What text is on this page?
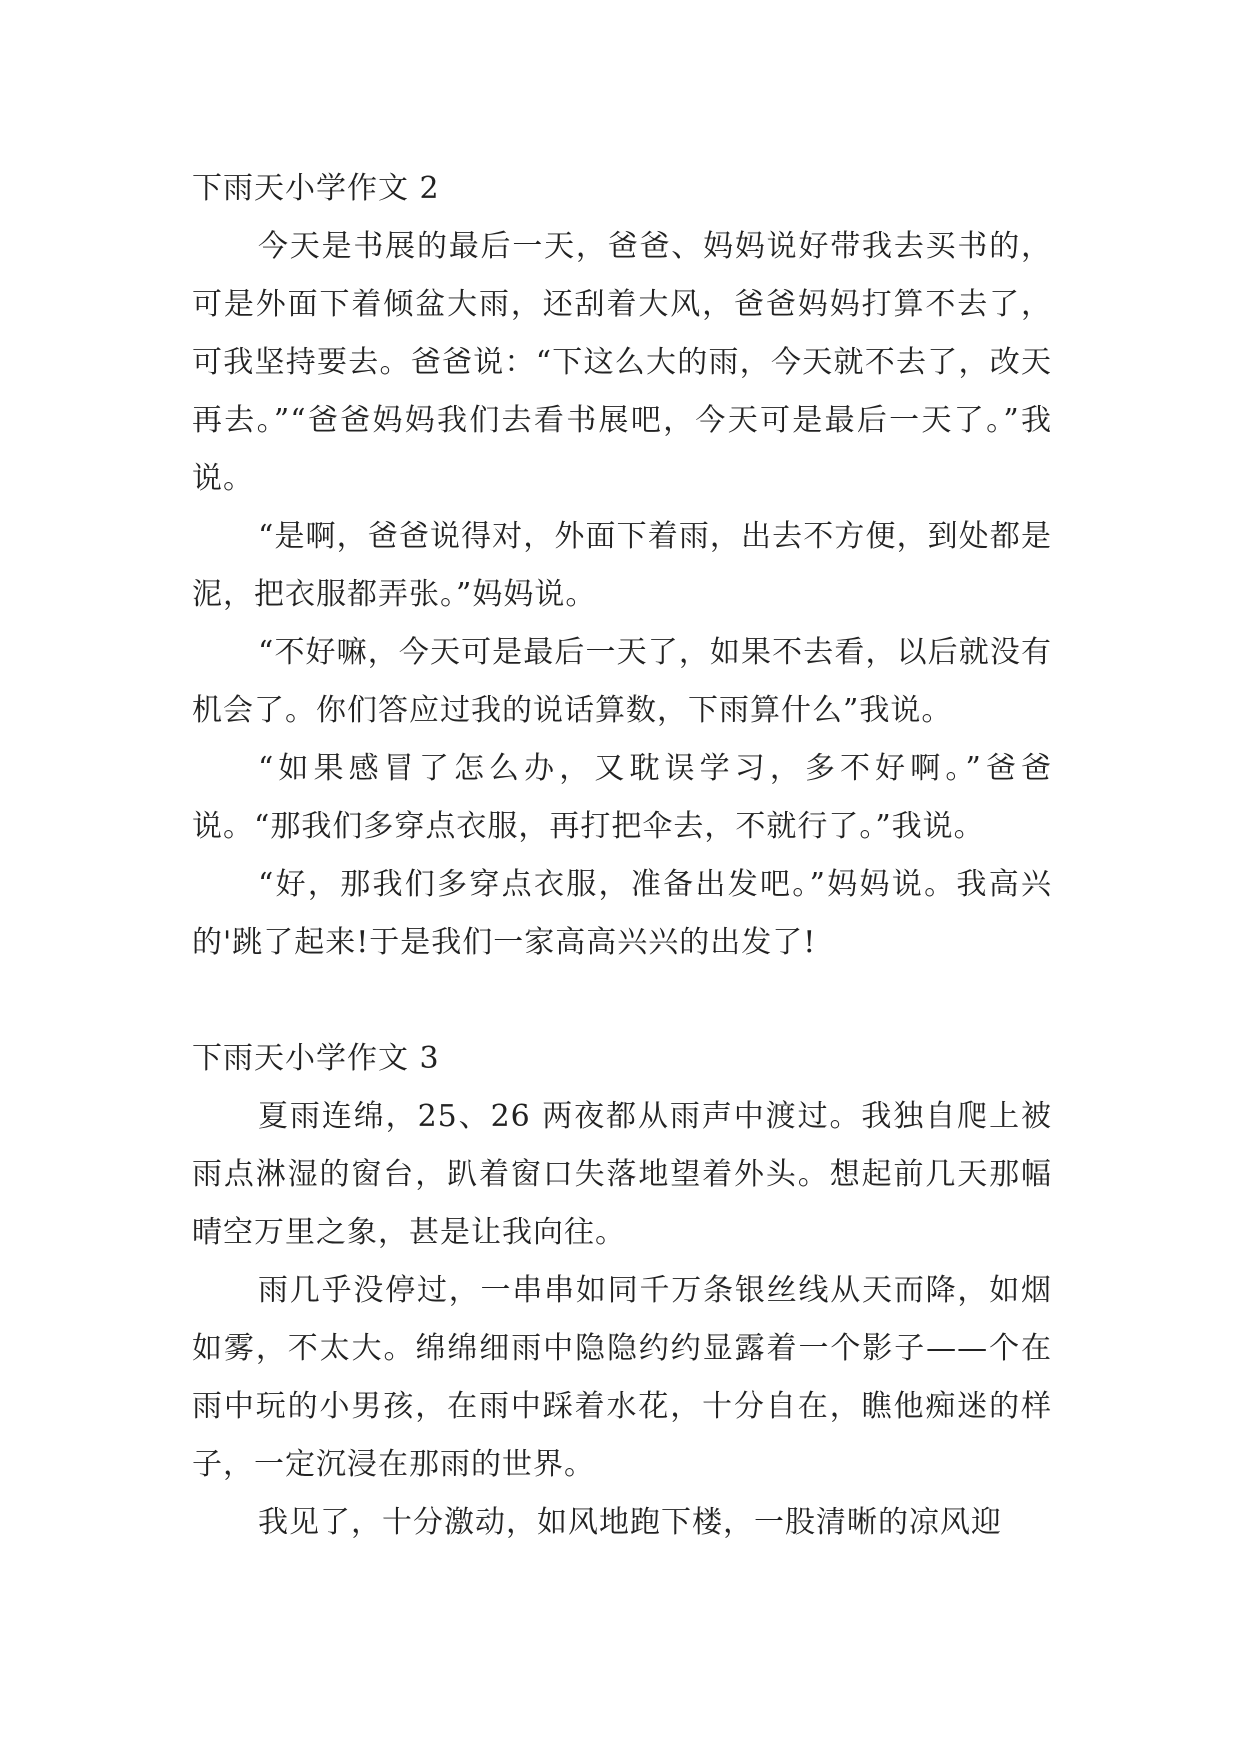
下雨天小学作文 2

今天是书展的最后一天，爸爸、妈妈说好带我去买书的，可是外面下着倾盆大雨，还刮着大风，爸爸妈妈打算不去了，可我坚持要去。爸爸说：“下这么大的雨，今天就不去了，改天再去。”“爸爸妈妈我们去看书展吧，今天可是最后一天了。”我说。

“是啊，爸爸说得对，外面下着雨，出去不方便，到处都是泥，把衣服都弄张。”妈妈说。

“不好嘛，今天可是最后一天了，如果不去看，以后就没有机会了。你们答应过我的说话算数，下雨算什么”我说。

“如果感冒了怎么办，又耽误学习，多不好啊。”爸爸说。“那我们多穿点衣服，再打把伞去，不就行了。”我说。

“好，那我们多穿点衣服，准备出发吧。”妈妈说。我高兴的'跳了起来!于是我们一家高高兴兴的出发了!

下雨天小学作文 3

夏雨连绵，25、26 两夜都从雨声中渡过。我独自爬上被雨点淋湿的窗台，趴着窗口失落地望着外头。想起前几天那幅晴空万里之象，甚是让我向往。

雨几乎没停过，一串串如同千万条银丝线从天而降，如烟如雾，不太大。绵绵细雨中隐隐约约显露着一个影子——个在雨中玩的小男孩，在雨中踩着水花，十分自在，瞧他痴迷的样子，一定沉浸在那雨的世界。

我见了，十分激动，如风地跑下楼，一股清晰的凉风迎
